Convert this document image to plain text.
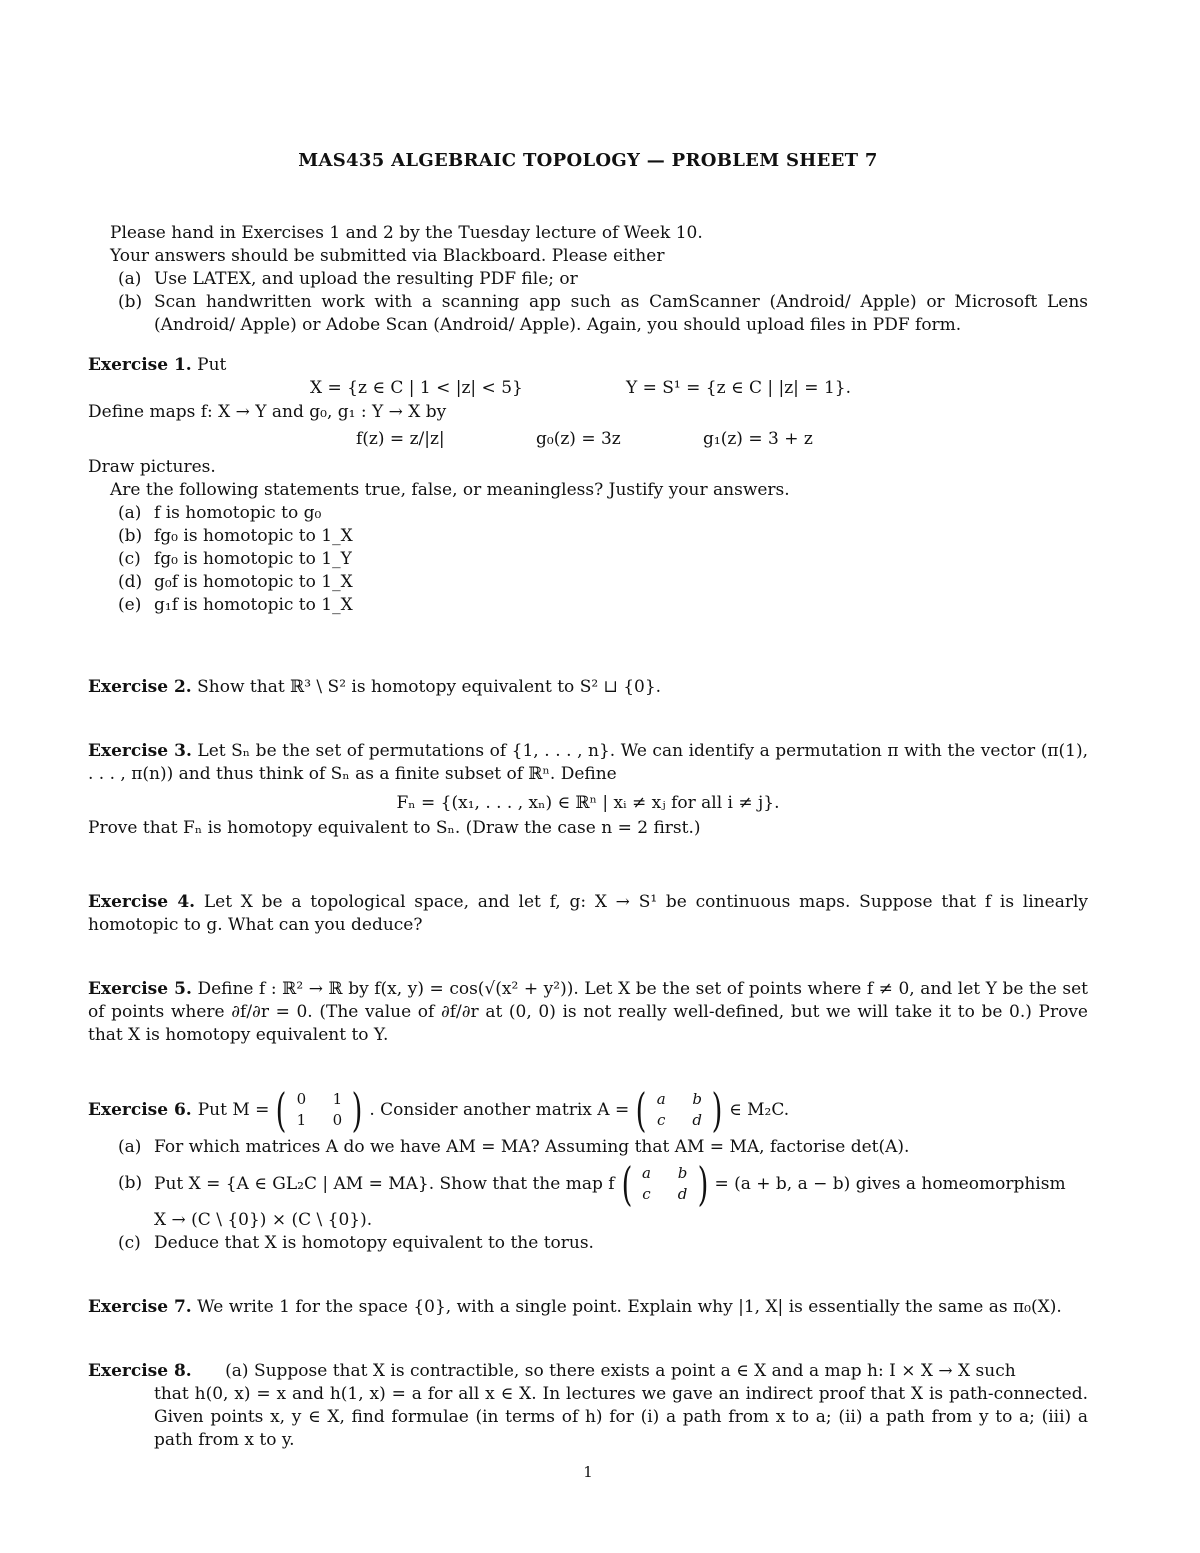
MAS435 ALGEBRAIC TOPOLOGY — PROBLEM SHEET 7
Please hand in Exercises 1 and 2 by the Tuesday lecture of Week 10.
Your answers should be submitted via Blackboard. Please either
(a) Use LATEX, and upload the resulting PDF file; or
(b) Scan handwritten work with a scanning app such as CamScanner (Android/ Apple) or Microsoft Lens (Android/ Apple) or Adobe Scan (Android/ Apple). Again, you should upload files in PDF form.
Exercise 1. Put
X = {z ∈ C | 1 < |z| < 5}	Y = S¹ = {z ∈ C | |z| = 1}.
Define maps f: X → Y and g₀, g₁ : Y → X by
f(z) = z/|z|	g₀(z) = 3z	g₁(z) = 3 + z
Draw pictures.
Are the following statements true, false, or meaningless? Justify your answers.
(a) f is homotopic to g₀
(b) fg₀ is homotopic to 1_X
(c) fg₀ is homotopic to 1_Y
(d) g₀f is homotopic to 1_X
(e) g₁f is homotopic to 1_X
Exercise 2. Show that ℝ³ \ S² is homotopy equivalent to S² ⊔ {0}.
Exercise 3. Let Sₙ be the set of permutations of {1, . . . , n}. We can identify a permutation π with the vector (π(1), . . . , π(n)) and thus think of Sₙ as a finite subset of ℝⁿ. Define
Fₙ = {(x₁, . . . , xₙ) ∈ ℝⁿ | xᵢ ≠ xⱼ for all i ≠ j}.
Prove that Fₙ is homotopy equivalent to Sₙ. (Draw the case n = 2 first.)
Exercise 4. Let X be a topological space, and let f, g: X → S¹ be continuous maps. Suppose that f is linearly homotopic to g. What can you deduce?
Exercise 5. Define f : ℝ² → ℝ by f(x, y) = cos(√(x² + y²)). Let X be the set of points where f ≠ 0, and let Y be the set of points where ∂f/∂r = 0. (The value of ∂f/∂r at (0, 0) is not really well-defined, but we will take it to be 0.) Prove that X is homotopy equivalent to Y.
Exercise 6. Put M = ( 0	1
1	0 ) . Consider another matrix A = ( a	b
c	d ) ∈ M₂C.
(a) For which matrices A do we have AM = MA? Assuming that AM = MA, factorise det(A).
(b) Put X = {A ∈ GL₂C | AM = MA}. Show that the map f ( a	b
c	d ) = (a + b, a − b) gives a homeomorphism
X → (C \ {0}) × (C \ {0}).
(c) Deduce that X is homotopy equivalent to the torus.
Exercise 7. We write 1 for the space {0}, with a single point. Explain why |1, X| is essentially the same as π₀(X).
Exercise 8. (a) Suppose that X is contractible, so there exists a point a ∈ X and a map h: I × X → X such
that h(0, x) = x and h(1, x) = a for all x ∈ X. In lectures we gave an indirect proof that X is path-connected. Given points x, y ∈ X, find formulae (in terms of h) for (i) a path from x to a; (ii) a path from y to a; (iii) a path from x to y.
1
